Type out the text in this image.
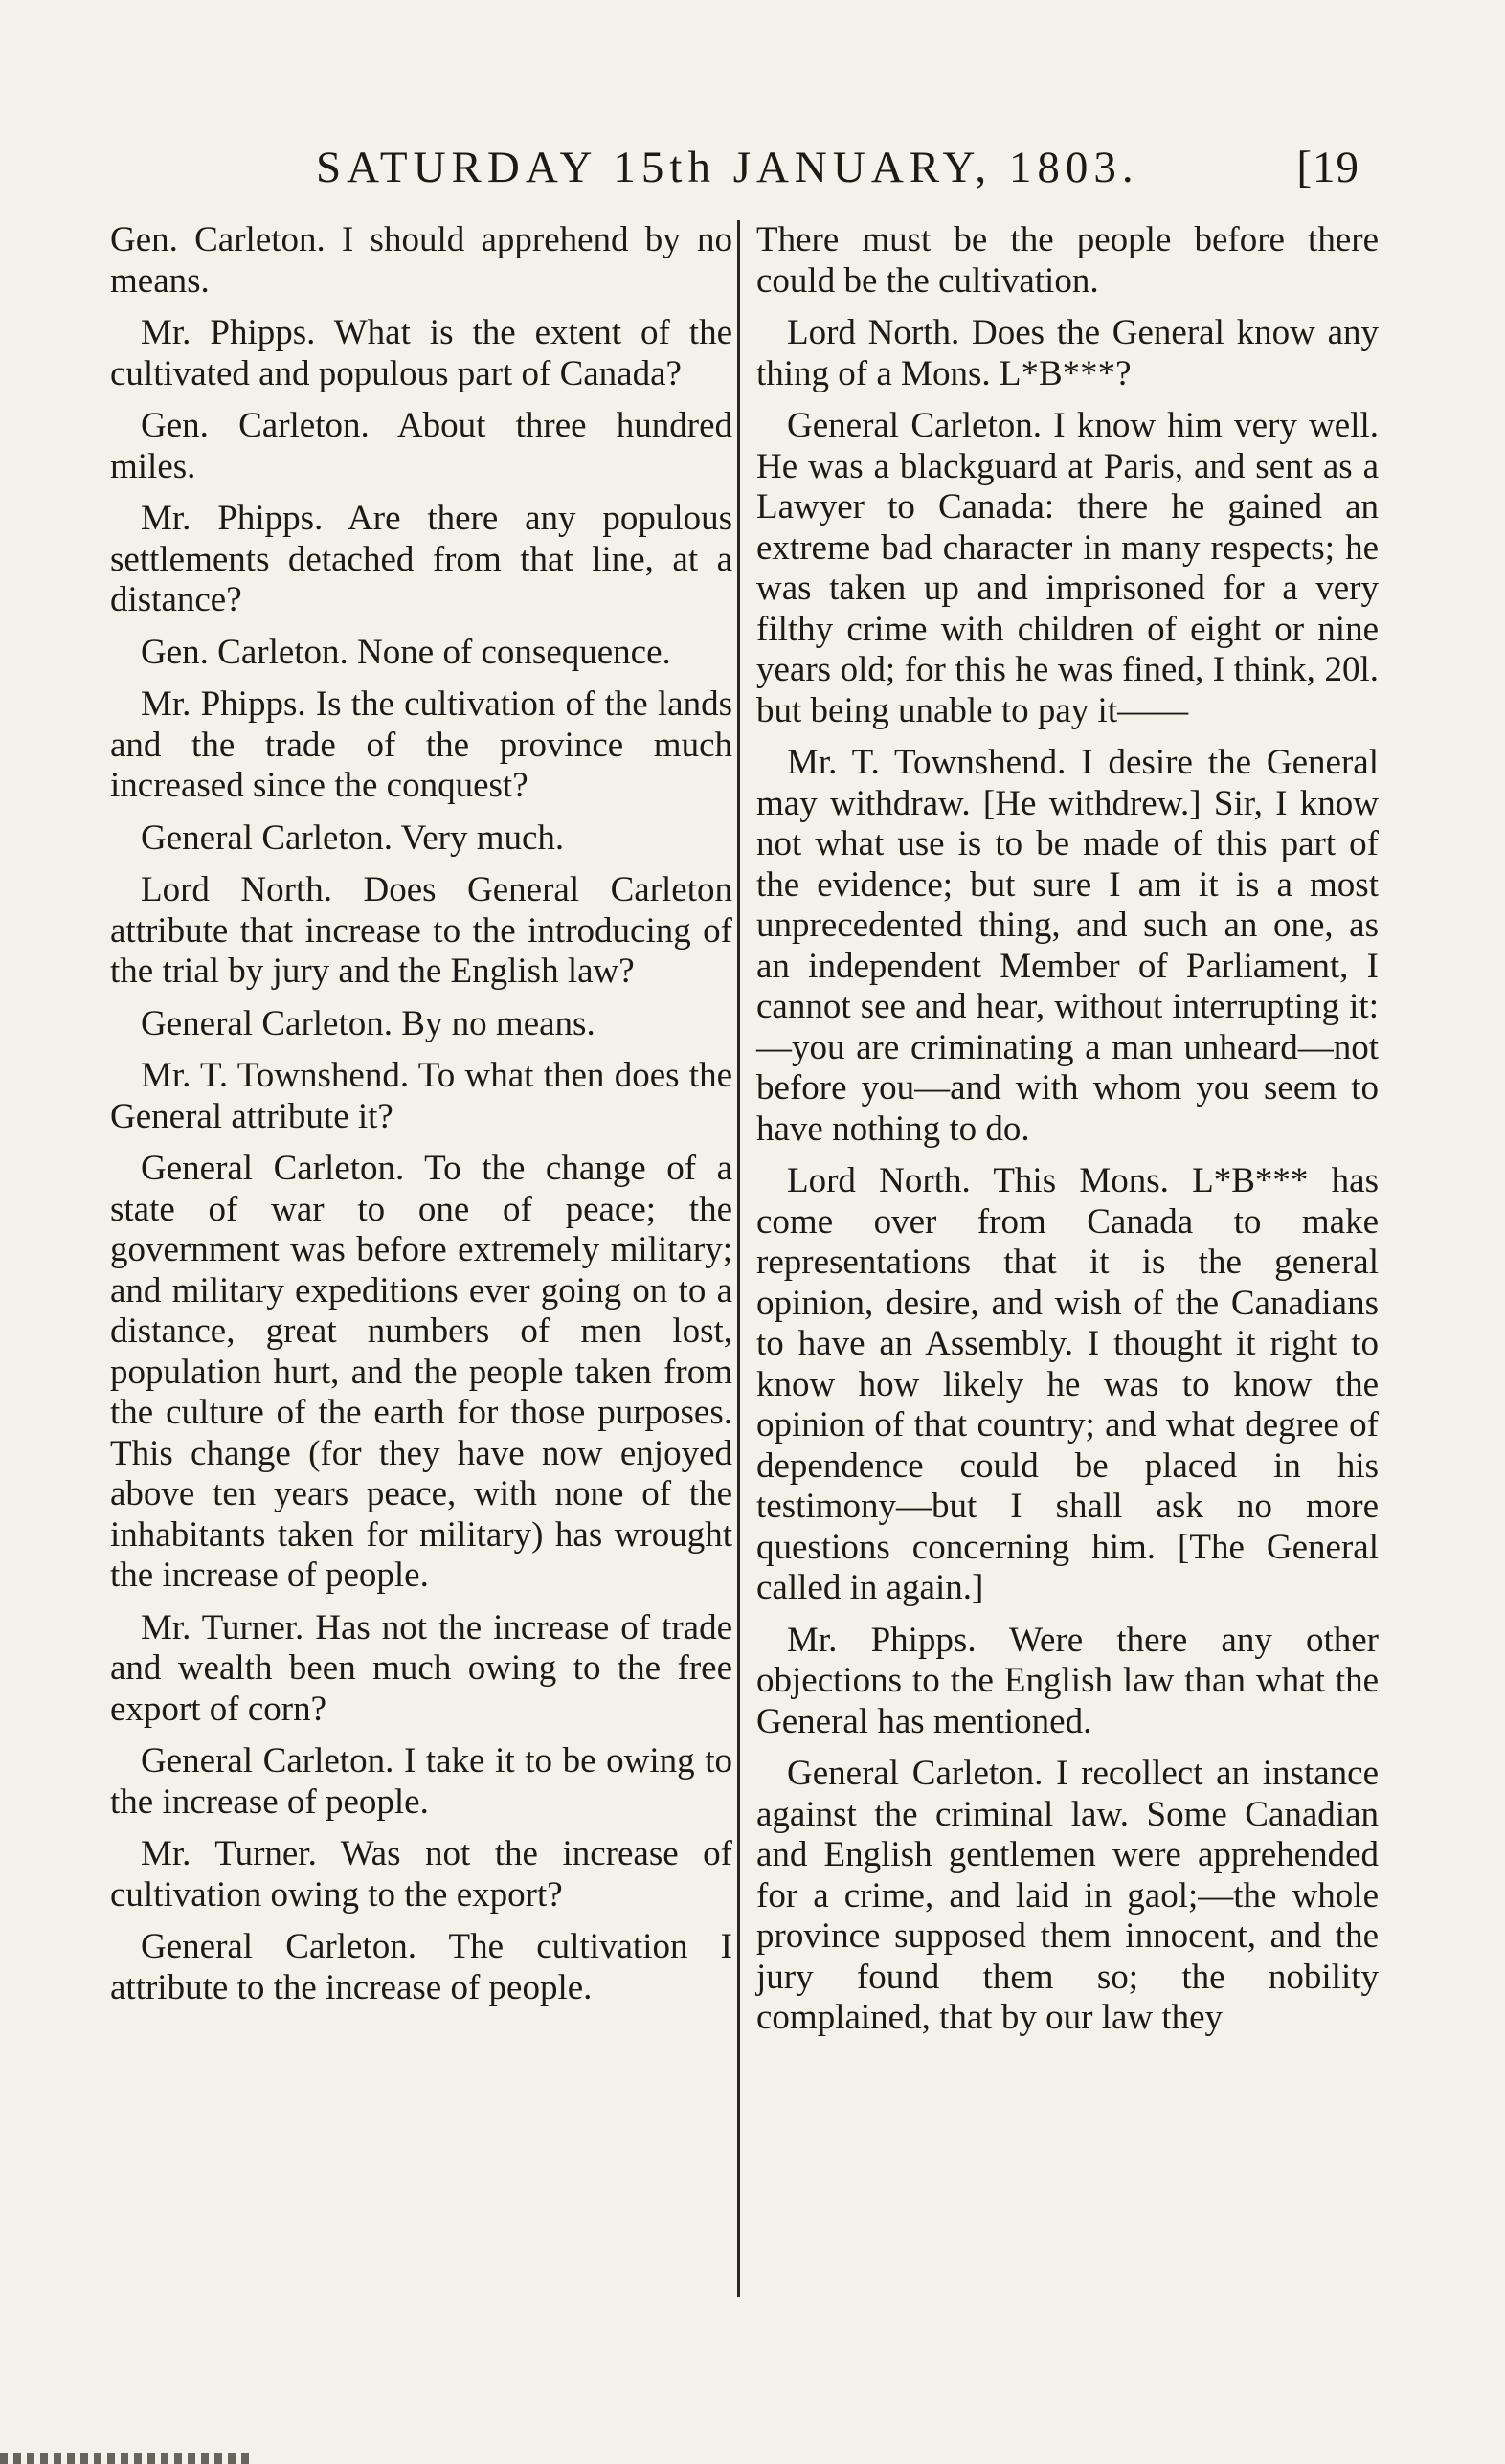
SATURDAY 15th JANUARY, 1803.	[19

Gen. Carleton. I should apprehend by no means.

Mr. Phipps. What is the extent of the cultivated and populous part of Canada?

Gen. Carleton. About three hundred miles.

Mr. Phipps. Are there any populous settlements detached from that line, at a distance?

Gen. Carleton. None of consequence.

Mr. Phipps. Is the cultivation of the lands and the trade of the province much increased since the conquest?

General Carleton. Very much.

Lord North. Does General Carleton attribute that increase to the introducing of the trial by jury and the English law?

General Carleton. By no means.

Mr. T. Townshend. To what then does the General attribute it?

General Carleton. To the change of a state of war to one of peace; the government was before extremely military; and military expeditions ever going on to a distance, great numbers of men lost, population hurt, and the people taken from the culture of the earth for those purposes. This change (for they have now enjoyed above ten years peace, with none of the inhabitants taken for military) has wrought the increase of people.

Mr. Turner. Has not the increase of trade and wealth been much owing to the free export of corn?

General Carleton. I take it to be owing to the increase of people.

Mr. Turner. Was not the increase of cultivation owing to the export?

General Carleton. The cultivation I attribute to the increase of people.

There must be the people before there could be the cultivation.

Lord North. Does the General know any thing of a Mons. L*B***?

General Carleton. I know him very well. He was a blackguard at Paris, and sent as a Lawyer to Canada: there he gained an extreme bad character in many respects; he was taken up and imprisoned for a very filthy crime with children of eight or nine years old; for this he was fined, I think, 20l. but being unable to pay it——

Mr. T. Townshend. I desire the General may withdraw. [He withdrew.] Sir, I know not what use is to be made of this part of the evidence; but sure I am it is a most unprecedented thing, and such an one, as an independent Member of Parliament, I cannot see and hear, without interrupting it:—you are criminating a man unheard—not before you—and with whom you seem to have nothing to do.

Lord North. This Mons. L*B*** has come over from Canada to make representations that it is the general opinion, desire, and wish of the Canadians to have an Assembly. I thought it right to know how likely he was to know the opinion of that country; and what degree of dependence could be placed in his testimony—but I shall ask no more questions concerning him. [The General called in again.]

Mr. Phipps. Were there any other objections to the English law than what the General has mentioned.

General Carleton. I recollect an instance against the criminal law. Some Canadian and English gentlemen were apprehended for a crime, and laid in gaol;—the whole province supposed them innocent, and the jury found them so; the nobility complained, that by our law they
